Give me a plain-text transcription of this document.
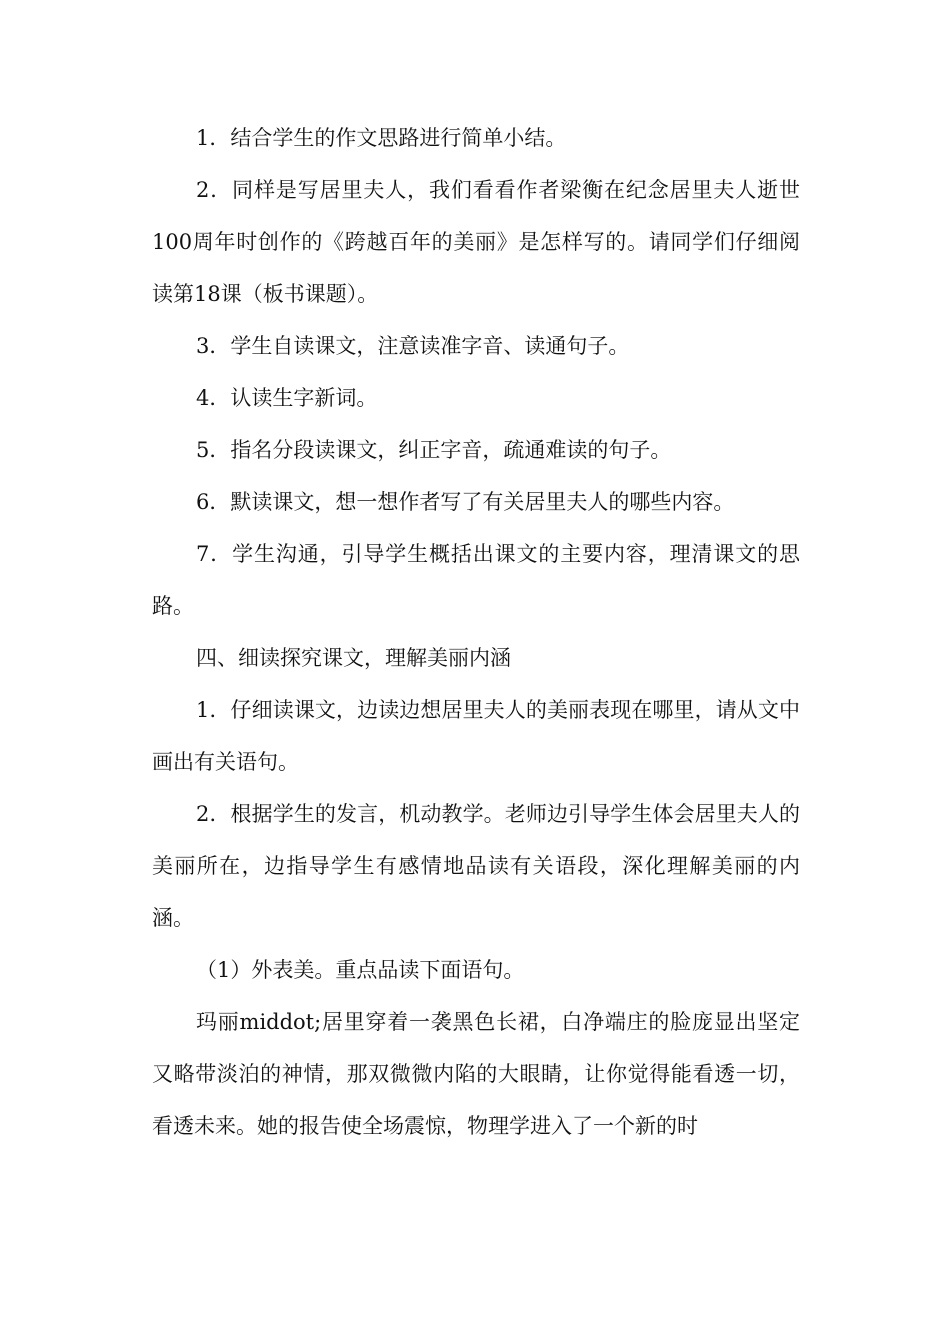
1．结合学生的作文思路进行简单小结。

2．同样是写居里夫人，我们看看作者梁衡在纪念居里夫人逝世100周年时创作的《跨越百年的美丽》是怎样写的。请同学们仔细阅读第18课（板书课题）。

3．学生自读课文，注意读准字音、读通句子。

4．认读生字新词。

5．指名分段读课文，纠正字音，疏通难读的句子。

6．默读课文，想一想作者写了有关居里夫人的哪些内容。

7．学生沟通，引导学生概括出课文的主要内容，理清课文的思路。

四、细读探究课文，理解美丽内涵

1．仔细读课文，边读边想居里夫人的美丽表现在哪里，请从文中画出有关语句。

2．根据学生的发言，机动教学。老师边引导学生体会居里夫人的美丽所在，边指导学生有感情地品读有关语段，深化理解美丽的内涵。

（1）外表美。重点品读下面语句。

玛丽middot;居里穿着一袭黑色长裙，白净端庄的脸庞显出坚定又略带淡泊的神情，那双微微内陷的大眼睛，让你觉得能看透一切，看透未来。她的报告使全场震惊，物理学进入了一个新的时
